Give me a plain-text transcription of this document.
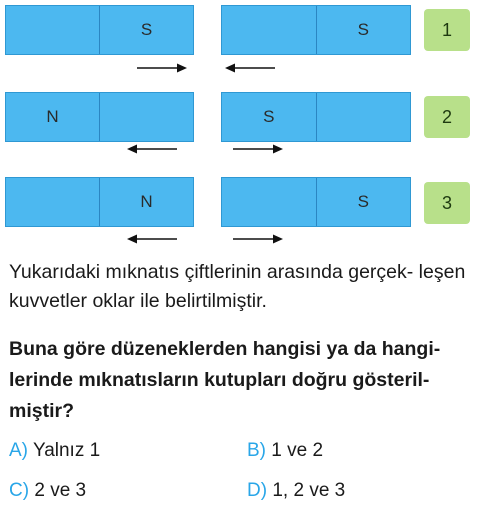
S	S	1
N	S	2
N	S	3
Yukarıdaki mıknatıs çiftlerinin arasında gerçek- leşen kuvvetler oklar ile belirtilmiştir.
Buna göre düzeneklerden hangisi ya da hangi- lerinde mıknatısların kutupları doğru gösteril- miştir?
A) Yalnız 1	B) 1 ve 2
C) 2 ve 3	D) 1, 2 ve 3
